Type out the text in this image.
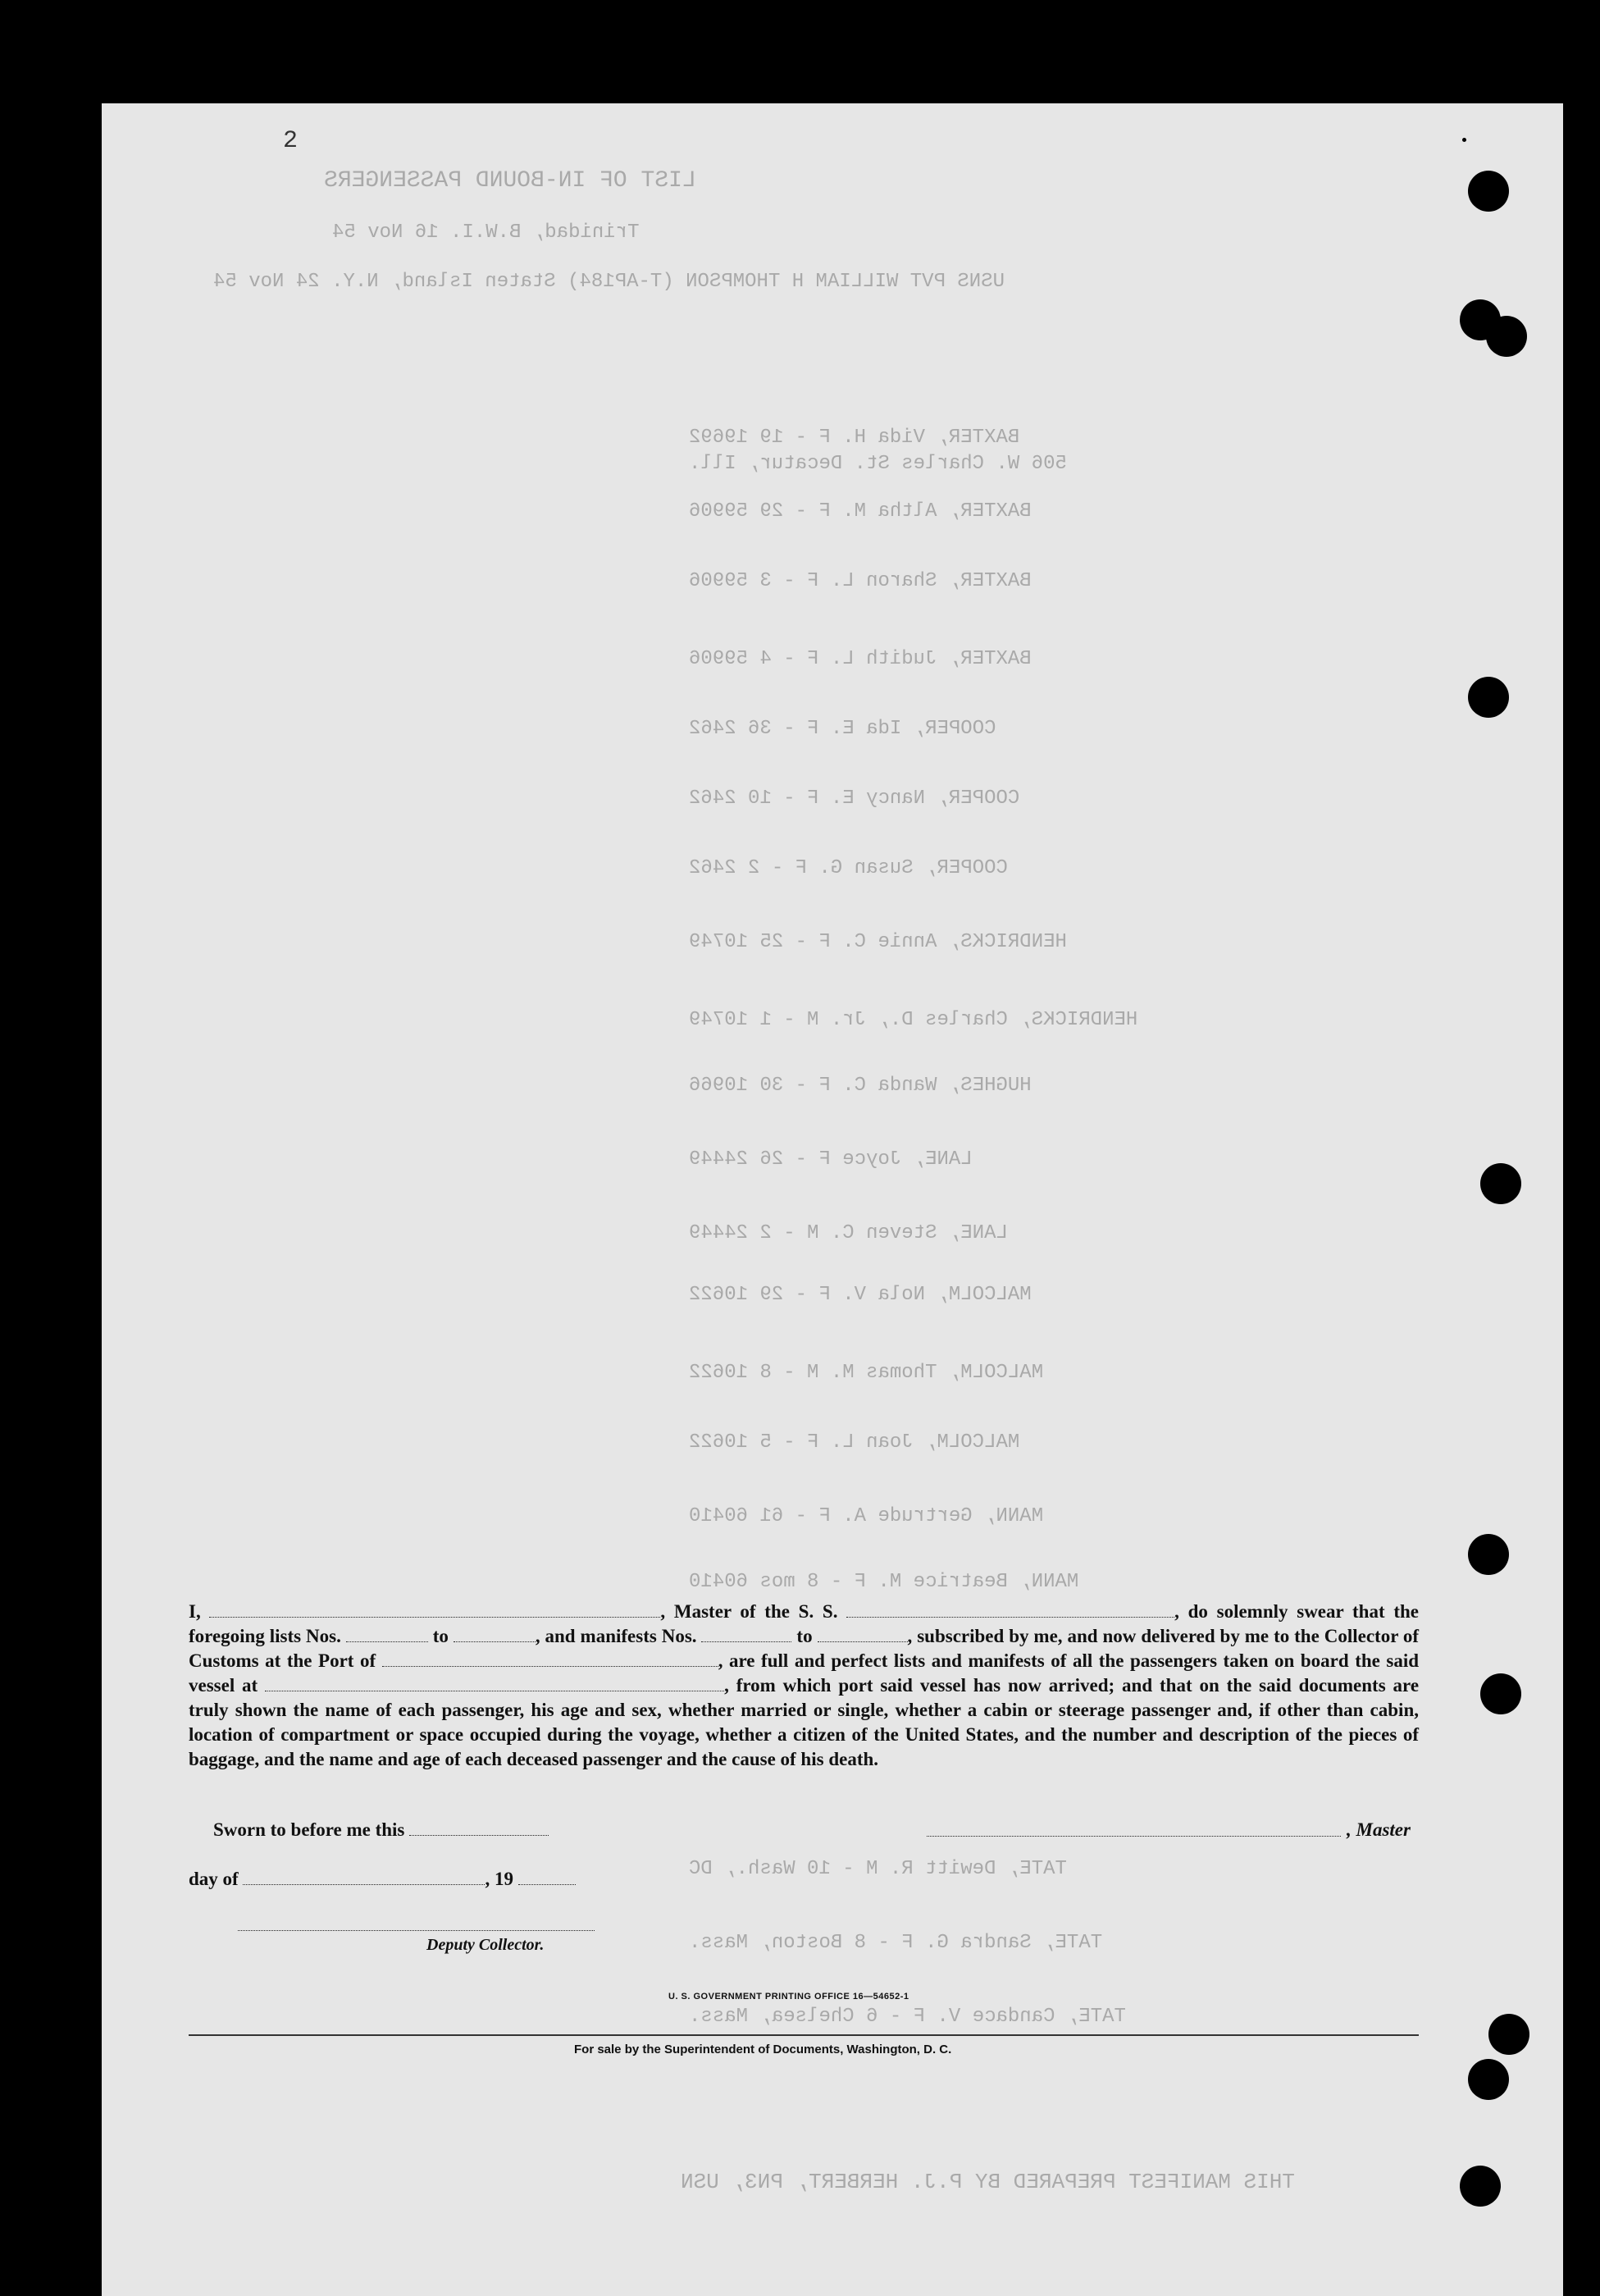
2
LIST OF IN-BOUND PASSENGERS
Trinidad, B.W.I. 16 Nov 54
USNS PVT WILLIAM H THOMPSON (T-AP184) Staten Island, N.Y. 24 Nov 54
BAXTER, Vida H. F - 19 19692
506 W. Charles St. Decatur, Ill.
BAXTER, Altha M. F - 29 59906
BAXTER, Sharon L. F - 3 59906
BAXTER, Judith L. F - 4 59906
COOPER, Ida E. F - 36 2462
COOPER, Nancy E. F - 10 2462
COOPER, Susan G. F - 2 2462
HENDRICKS, Annie C. F - 25 10749
HENDRICKS, Charles D., Jr. M - 1 10749
HUGHES, Wanda C. F - 30 10966
LANE, Joyce F - 26 24449
LANE, Steven C. M - 2 24449
MALCOLM, Nola V. F - 29 10622
MALCOLM, Thomas M. M - 8 10622
MALCOLM, Joan L. F - 5 10622
MANN, Gertrude A. F - 61 60410
MANN, Beatrice M. F - 8 mos 60410
TATE, Dewitt R. M - 10 Wash., DC
TATE, Sandra G. F - 8 Boston, Mass.
TATE, Candace V. F - 6 Chelsea, Mass.
THIS MANIFEST PREPARED BY P.J. HERBERT, PN3, USN

I,	, Master of the S. S.	, do solemnly swear that the foregoing lists Nos.	to	, and manifests Nos.	to	, subscribed by me, and now delivered by me to the Collector of Customs at the Port of	, are full and perfect lists and manifests of all the passengers taken on board the said vessel at	, from which port said vessel has now arrived; and that on the said documents are truly shown the name of each passenger, his age and sex, whether married or single, whether a cabin or steerage passenger and, if other than cabin, location of compartment or space occupied during the voyage, whether a citizen of the United States, and the number and description of the pieces of baggage, and the name and age of each deceased passenger and the cause of his death.

Sworn to before me this
day of	, 19
, Master
Deputy Collector.
U. S. GOVERNMENT PRINTING OFFICE 16—54652-1
For sale by the Superintendent of Documents, Washington, D. C.
